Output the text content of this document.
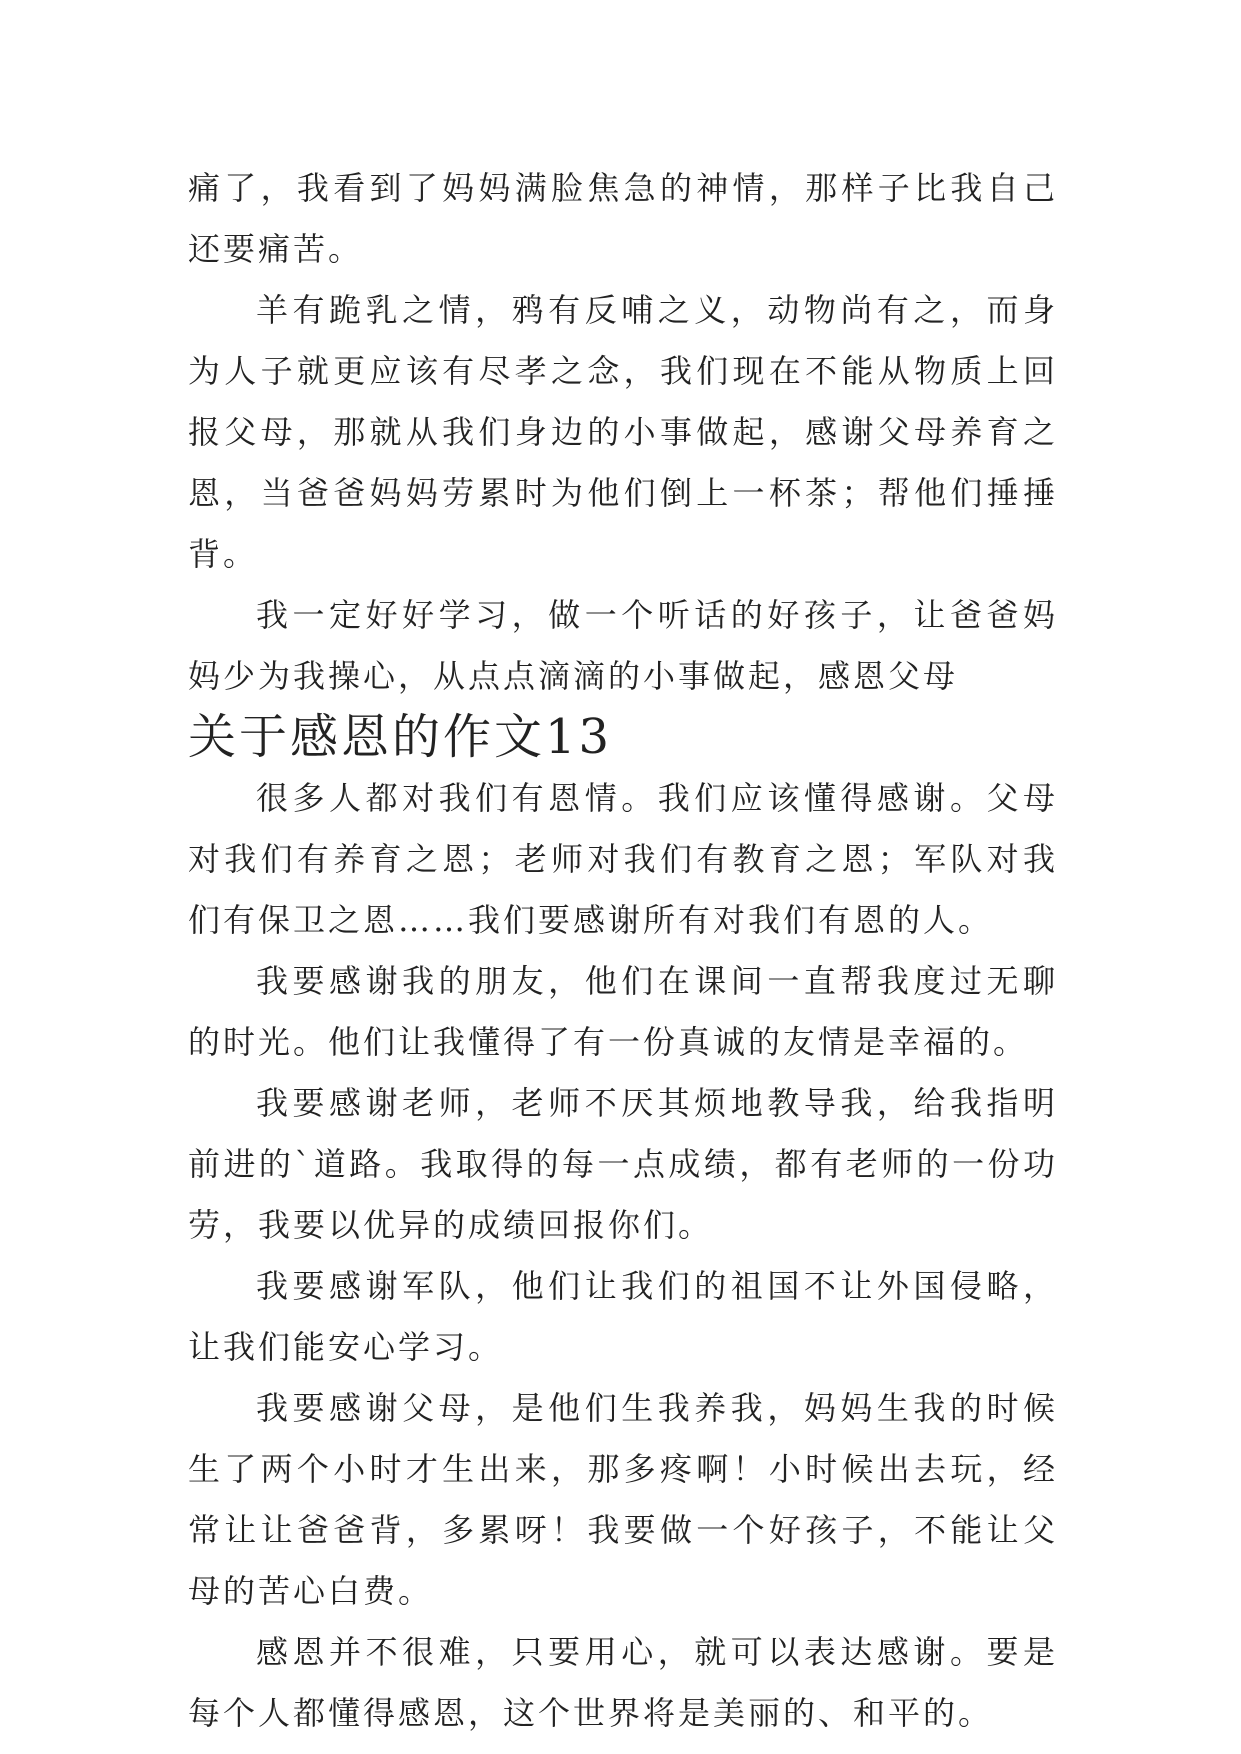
痛了，我看到了妈妈满脸焦急的神情，那样子比我自己还要痛苦。

羊有跪乳之情，鸦有反哺之义，动物尚有之，而身为人子就更应该有尽孝之念，我们现在不能从物质上回报父母，那就从我们身边的小事做起，感谢父母养育之恩，当爸爸妈妈劳累时为他们倒上一杯茶；帮他们捶捶背。

我一定好好学习，做一个听话的好孩子，让爸爸妈妈少为我操心，从点点滴滴的小事做起，感恩父母

关于感恩的作文13

很多人都对我们有恩情。我们应该懂得感谢。父母对我们有养育之恩；老师对我们有教育之恩；军队对我们有保卫之恩……我们要感谢所有对我们有恩的人。

我要感谢我的朋友，他们在课间一直帮我度过无聊的时光。他们让我懂得了有一份真诚的友情是幸福的。

我要感谢老师，老师不厌其烦地教导我，给我指明前进的`道路。我取得的每一点成绩，都有老师的一份功劳，我要以优异的成绩回报你们。

我要感谢军队，他们让我们的祖国不让外国侵略，让我们能安心学习。

我要感谢父母，是他们生我养我，妈妈生我的时候生了两个小时才生出来，那多疼啊！小时候出去玩，经常让让爸爸背，多累呀！我要做一个好孩子，不能让父母的苦心白费。

感恩并不很难，只要用心，就可以表达感谢。要是每个人都懂得感恩，这个世界将是美丽的、和平的。
